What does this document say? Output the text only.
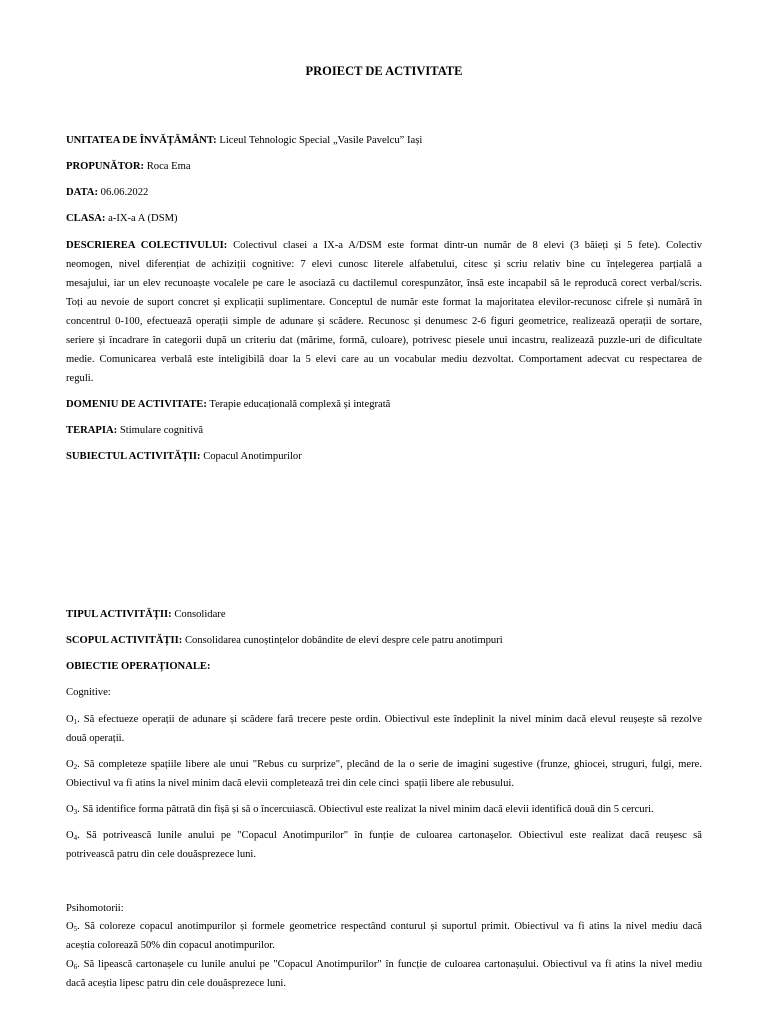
PROIECT DE ACTIVITATE
UNITATEA DE ÎNVĂȚĂMÂNT: Liceul Tehnologic Special „Vasile Pavelcu” Iași
PROPUNĂTOR: Roca Ema
DATA: 06.06.2022
CLASA: a-IX-a A (DSM)
DESCRIEREA COLECTIVULUI: Colectivul clasei a IX-a A/DSM este format dintr-un număr de 8 elevi (3 băieți și 5 fete). Colectiv
neomogen, nivel diferențiat de achiziții cognitive: 7 elevi cunosc literele alfabetului, citesc și scriu relativ bine cu înțelegerea parțială a
mesajului, iar un elev recunoaște vocalele pe care le asociază cu dactilemul corespunzător, însă este incapabil să le reproducă corect verbal/scris.
Toți au nevoie de suport concret și explicații suplimentare. Conceptul de număr este format la majoritatea elevilor-recunosc cifrele și numără în
concentrul 0-100, efectuează operații simple de adunare și scădere. Recunosc și denumesc 2-6 figuri geometrice, realizează operații de sortare,
seriere și încadrare în categorii după un criteriu dat (mărime, formă, culoare), potrivesc piesele unui incastru, realizează puzzle-uri de dificultate
medie. Comunicarea verbală este inteligibilă doar la 5 elevi care au un vocabular mediu dezvoltat. Comportament adecvat cu respectarea de
reguli.
DOMENIU DE ACTIVITATE: Terapie educațională complexă și integrată
TERAPIA: Stimulare cognitivă
SUBIECTUL ACTIVITĂȚII: Copacul Anotimpurilor
TIPUL ACTIVITĂȚII: Consolidare
SCOPUL ACTIVITĂȚII: Consolidarea cunoștințelor dobândite de elevi despre cele patru anotimpuri
OBIECTIE OPERAȚIONALE:
Cognitive:
$O_1$. Să efectueze operații de adunare și scădere fară trecere peste ordin. Obiectivul este îndeplinit la nivel minim dacă elevul reușește să rezolve
două operații.
$O_2$. Să completeze spațiile libere ale unui "Rebus cu surprize", plecând de la o serie de imagini sugestive (frunze, ghiocei, struguri, fulgi, mere.
Obiectivul va fi atins la nivel minim dacă elevii completează trei din cele cinci  spații libere ale rebusului.
$O_3$. Să identifice forma pătrată din fișă și să o încercuiască. Obiectivul este realizat la nivel minim dacă elevii identifică două din 5 cercuri.
$O_4$. Să potrivească lunile anului pe "Copacul Anotimpurilor" în funție de culoarea cartonașelor. Obiectivul este realizat dacă reușesc să
potrivească patru din cele douăsprezece luni.
Psihomotorii:
$O_5$. Să coloreze copacul anotimpurilor și formele geometrice respectând conturul și suportul primit. Obiectivul va fi atins la nivel mediu dacă
aceștia colorează 50% din copacul anotimpurilor.
$O_6$. Să lipească cartonașele cu lunile anului pe "Copacul Anotimpurilor" în funcție de culoarea cartonașului. Obiectivul va fi atins la nivel mediu
dacă aceștia lipesc patru din cele douăsprezece luni.
